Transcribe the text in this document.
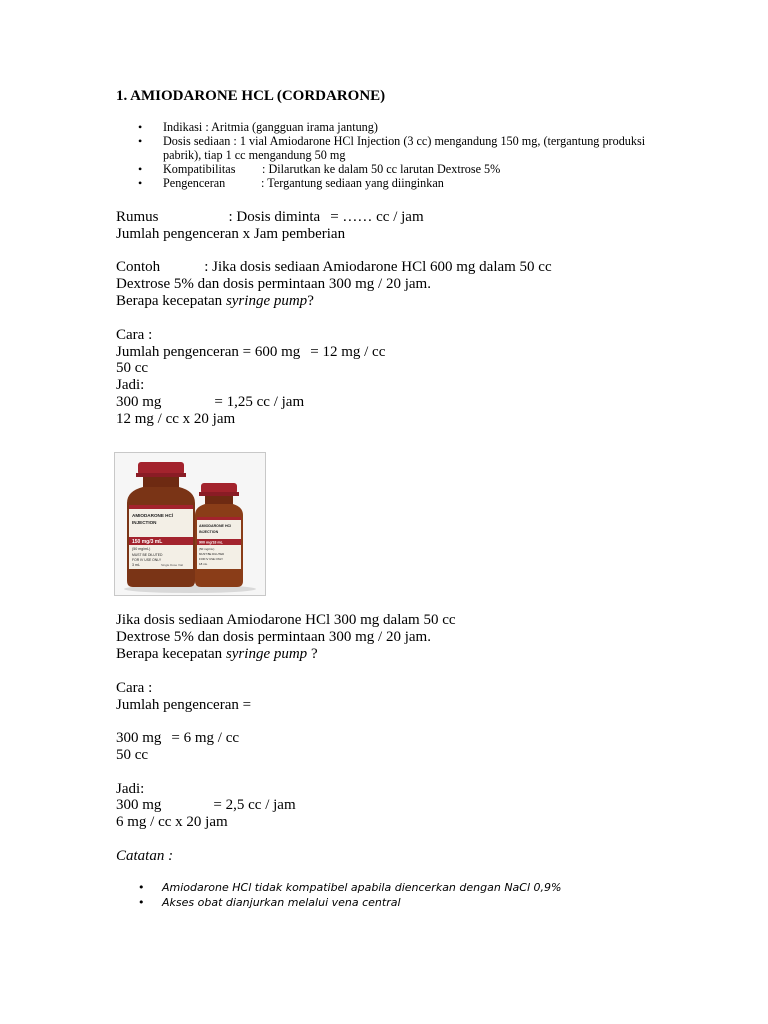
1. AMIODARONE HCL (CORDARONE)
• Indikasi : Aritmia (gangguan irama jantung)
• Dosis sediaan : 1 vial Amiodarone HCl Injection (3 cc) mengandung 150 mg, (tergantung produksi pabrik), tiap 1 cc mengandung 50 mg
• Kompatibilitas : Dilarutkan ke dalam 50 cc larutan Dextrose 5%
• Pengenceran	: Tergantung sediaan yang diinginkan
Rumus	: Dosis diminta = …… cc / jam
Jumlah pengenceran x Jam pemberian
Contoh	: Jika dosis sediaan Amiodarone HCl 600 mg dalam 50 cc
Dextrose 5% dan dosis permintaan 300 mg / 20 jam.
Berapa kecepatan syringe pump?
Cara :
Jumlah pengenceran = 600 mg = 12 mg / cc
50 cc
Jadi:
300 mg	= 1,25 cc / jam
12 mg / cc x 20 jam
Jika dosis sediaan Amiodarone HCl 300 mg dalam 50 cc
Dextrose 5% dan dosis permintaan 300 mg / 20 jam.
Berapa kecepatan syringe pump ?
Cara :
Jumlah pengenceran =
300 mg = 6 mg / cc
50 cc
Jadi:
300 mg	= 2,5 cc / jam
6 mg / cc x 20 jam
Catatan :
• Amiodarone HCl tidak kompatibel apabila diencerkan dengan NaCl 0,9%
• Akses obat dianjurkan melalui vena central
AMIODARONE HCl
INJECTION
150 mg/3 mL
(50 mg/mL)
MUST BE DILUTED
FOR IV USE ONLY
3 mL	Single Dose Vial
AMIODARONE HCl
INJECTION
900 mg/18 mL
(50 mg/mL)
MUST BE DILUTED
FOR IV USE ONLY
18 mL
